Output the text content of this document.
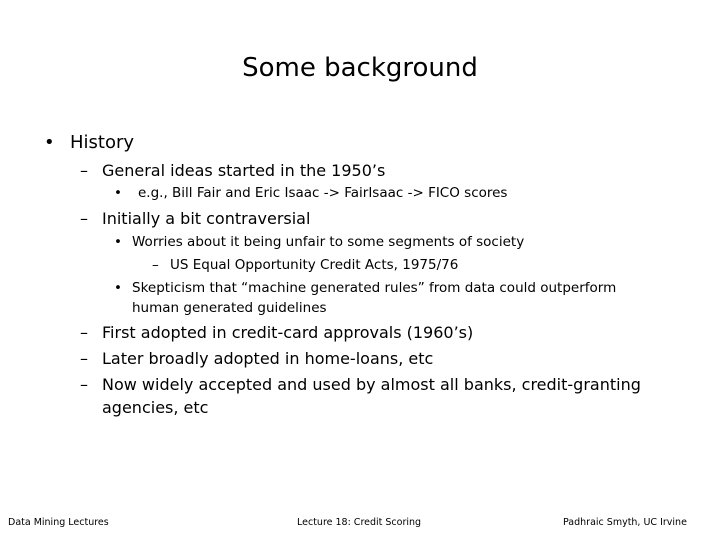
Some background
• History
– General ideas started in the 1950’s
• e.g., Bill Fair and Eric Isaac -> FairIsaac -> FICO scores
– Initially a bit contraversial
• Worries about it being unfair to some segments of society
– US Equal Opportunity Credit Acts, 1975/76
• Skepticism that “machine generated rules” from data could outperform
human generated guidelines
– First adopted in credit-card approvals (1960’s)
– Later broadly adopted in home-loans, etc
– Now widely accepted and used by almost all banks, credit-granting
agencies, etc
Data Mining Lectures	Lecture 18: Credit Scoring	Padhraic Smyth, UC Irvine
